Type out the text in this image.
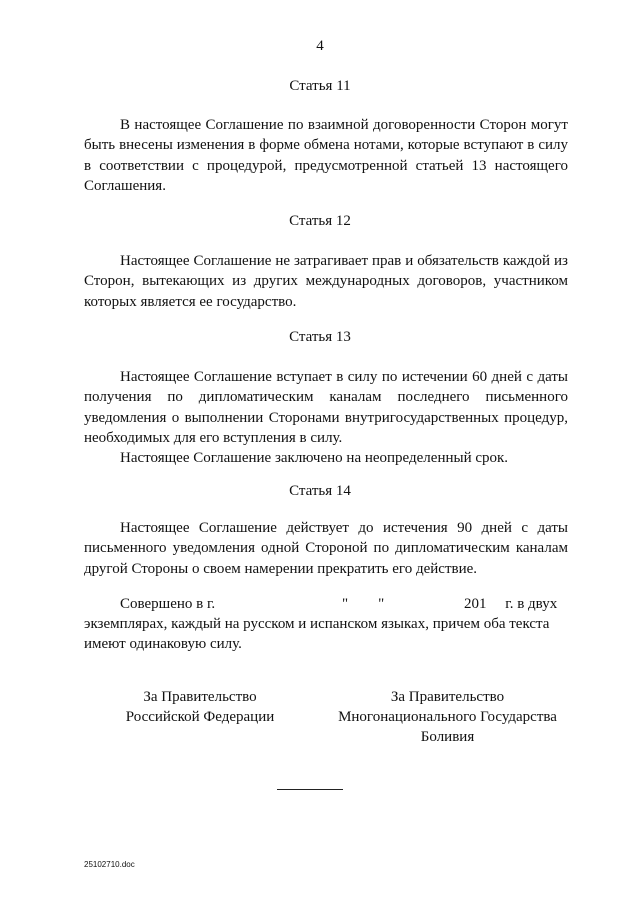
4
Статья 11

В настоящее Соглашение по взаимной договоренности Сторон могут быть внесены изменения в форме обмена нотами, которые вступают в силу в соответствии с процедурой, предусмотренной статьей 13 настоящего Соглашения.

Статья 12

Настоящее Соглашение не затрагивает прав и обязательств каждой из Сторон, вытекающих из других международных договоров, участником которых является ее государство.

Статья 13

Настоящее Соглашение вступает в силу по истечении 60 дней с даты получения по дипломатическим каналам последнего письменного уведомления о выполнении Сторонами внутригосударственных процедур, необходимых для его вступления в силу.

Настоящее Соглашение заключено на неопределенный срок.

Статья 14

Настоящее Соглашение действует до истечения 90 дней с даты письменного уведомления одной Стороной по дипломатическим каналам другой Стороны о своем намерении прекратить его действие.

Совершено в г.	"        "	201     г. в двух
экземплярах, каждый на русском и испанском языках, причем оба текста
имеют одинаковую силу.
За Правительство
Российской Федерации
За Правительство
Многонационального Государства
Боливия
25102710.doc
